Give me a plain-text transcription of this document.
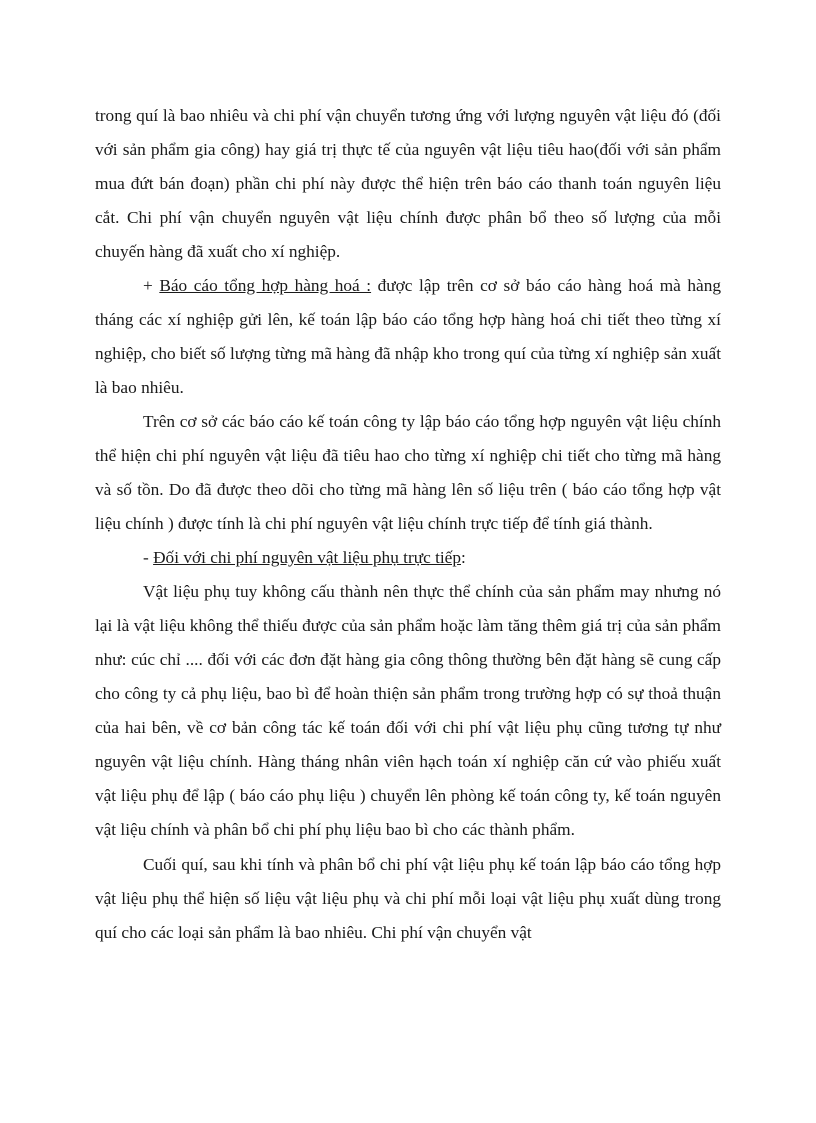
trong quí là bao nhiêu và chi phí vận chuyển tương ứng với lượng nguyên vật liệu đó (đối với sản phẩm gia công) hay giá trị thực tế của nguyên vật liệu tiêu hao(đối với sản phẩm mua đứt bán đoạn) phần chi phí này được thể hiện trên báo cáo thanh toán nguyên liệu cắt. Chi phí vận chuyển nguyên vật liệu chính được phân bổ theo số lượng của mỗi chuyến hàng đã xuất cho xí nghiệp.

+ Báo cáo tổng hợp hàng hoá : được lập trên cơ sở báo cáo hàng hoá mà hàng tháng các xí nghiệp gửi lên, kế toán lập báo cáo tổng hợp hàng hoá chi tiết theo từng xí nghiệp, cho biết số lượng từng mã hàng đã nhập kho trong quí của từng xí nghiệp sản xuất là bao nhiêu.

Trên cơ sở các báo cáo kế toán công ty lập báo cáo tổng hợp nguyên vật liệu chính thể hiện chi phí nguyên vật liệu đã tiêu hao cho từng xí nghiệp chi tiết cho từng mã hàng và số tồn. Do đã được theo dõi cho từng mã hàng lên số liệu trên ( báo cáo tổng hợp vật liệu chính ) được tính là chi phí nguyên vật liệu chính trực tiếp để tính giá thành.

- Đối với chi phí nguyên vật liệu phụ trực tiếp:

Vật liệu phụ tuy không cấu thành nên thực thể chính của sản phẩm may nhưng nó lại là vật liệu không thể thiếu được của sản phẩm hoặc làm tăng thêm giá trị của sản phẩm như: cúc chỉ .... đối với các đơn đặt hàng gia công thông thường bên đặt hàng sẽ cung cấp cho công ty cả phụ liệu, bao bì để hoàn thiện sản phẩm trong trường hợp có sự thoả thuận của hai bên, về cơ bản công tác kế toán đối với chi phí vật liệu phụ cũng tương tự như nguyên vật liệu chính. Hàng tháng nhân viên hạch toán xí nghiệp căn cứ vào phiếu xuất vật liệu phụ để lập ( báo cáo phụ liệu ) chuyển lên phòng kế toán công ty, kế toán nguyên vật liệu chính và phân bổ chi phí phụ liệu bao bì cho các thành phẩm.

Cuối quí, sau khi tính và phân bổ chi phí vật liệu phụ kế toán lập báo cáo tổng hợp vật liệu phụ thể hiện số liệu vật liệu phụ và chi phí mỗi loại vật liệu phụ xuất dùng trong quí cho các loại sản phẩm là bao nhiêu. Chi phí vận chuyển vật
